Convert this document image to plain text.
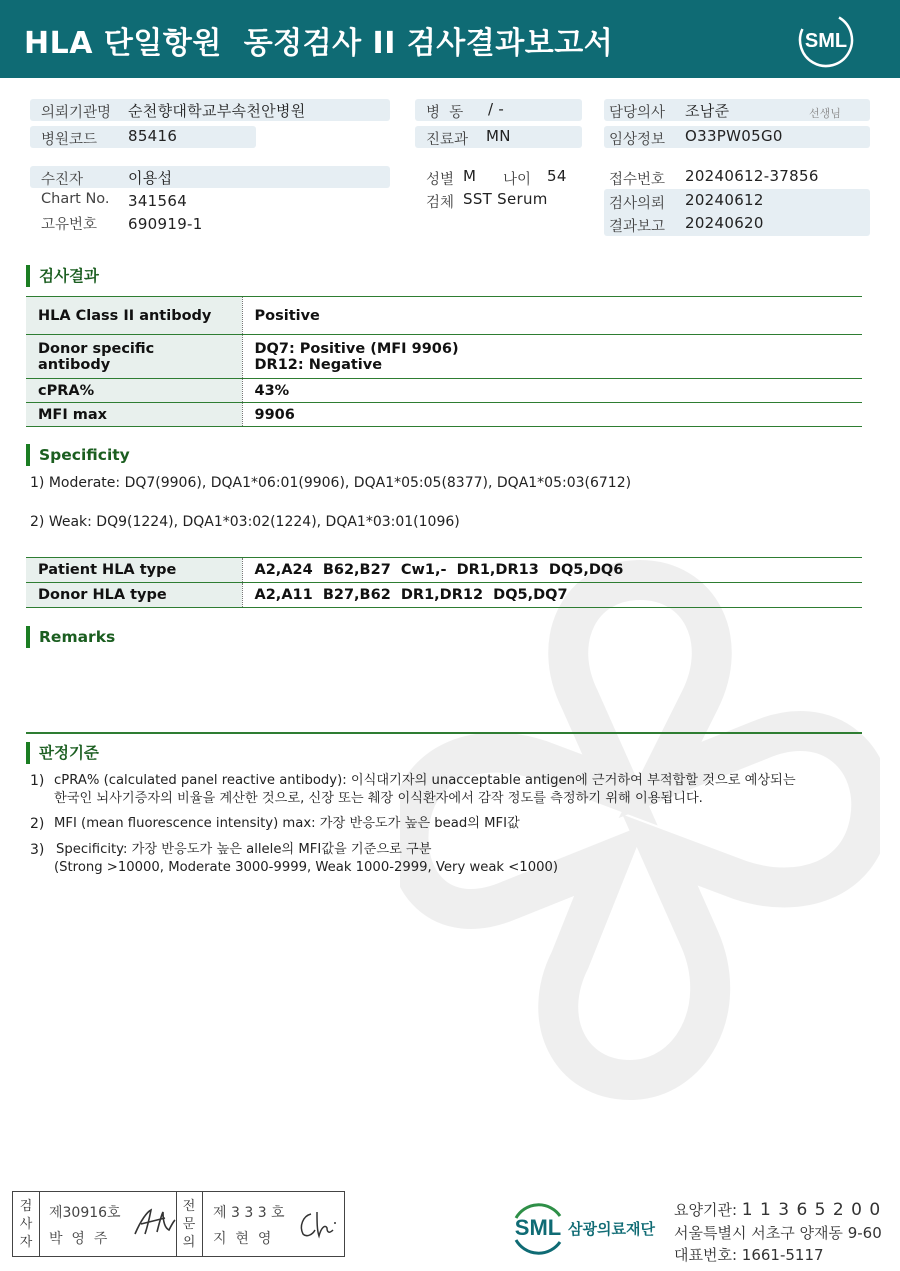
HLA 단일항원  동정검사 II 검사결과보고서	SML
의뢰기관명 순천향대학교부속천안병원
병원코드 85416
병  동 / -
진료과 MN
담당의사 조남준	선생님
임상정보 O33PW05G0
수진자	이용섭
Chart No. 341564
고유번호 690919-1
성별 M 나이 54
검체 SST Serum
접수번호 20240612-37856
검사의뢰 20240612
결과보고 20240620
검사결과
HLA Class II antibody	Positive
Donor specific antibody	DQ7: Positive (MFI 9906)
DR12: Negative

cPRA%	43%
MFI max	9906
Specificity
1) Moderate: DQ7(9906), DQA1*06:01(9906), DQA1*05:05(8377), DQA1*05:03(6712)
2) Weak: DQ9(1224), DQA1*03:02(1224), DQA1*03:01(1096)
Patient HLA type	A2,A24  B62,B27  Cw1,-  DR1,DR13  DQ5,DQ6
Donor HLA type	A2,A11  B27,B62  DR1,DR12  DQ5,DQ7
Remarks
판정기준
1) cPRA% (calculated panel reactive antibody): 이식대기자의 unacceptable antigen에 근거하여 부적합할 것으로 예상되는
한국인 뇌사기증자의 비율을 계산한 것으로, 신장 또는 췌장 이식환자에서 감작 정도를 측정하기 위해 이용됩니다.
2) MFI (mean fluorescence intensity) max: 가장 반응도가 높은 bead의 MFI값
3) Specificity: 가장 반응도가 높은 allele의 MFI값을 기준으로 구분
(Strong >10000, Moderate 3000-9999, Weak 1000-2999, Very weak <1000)
검
사
자
제30916호
박  영  주
전
문
의
제 3 3 3 호
지  현  영	SML 삼광의료재단
요양기관: 1 1 3 6 5 2 0 0
서울특별시 서초구 양재동 9-60
대표번호: 1661-5117
